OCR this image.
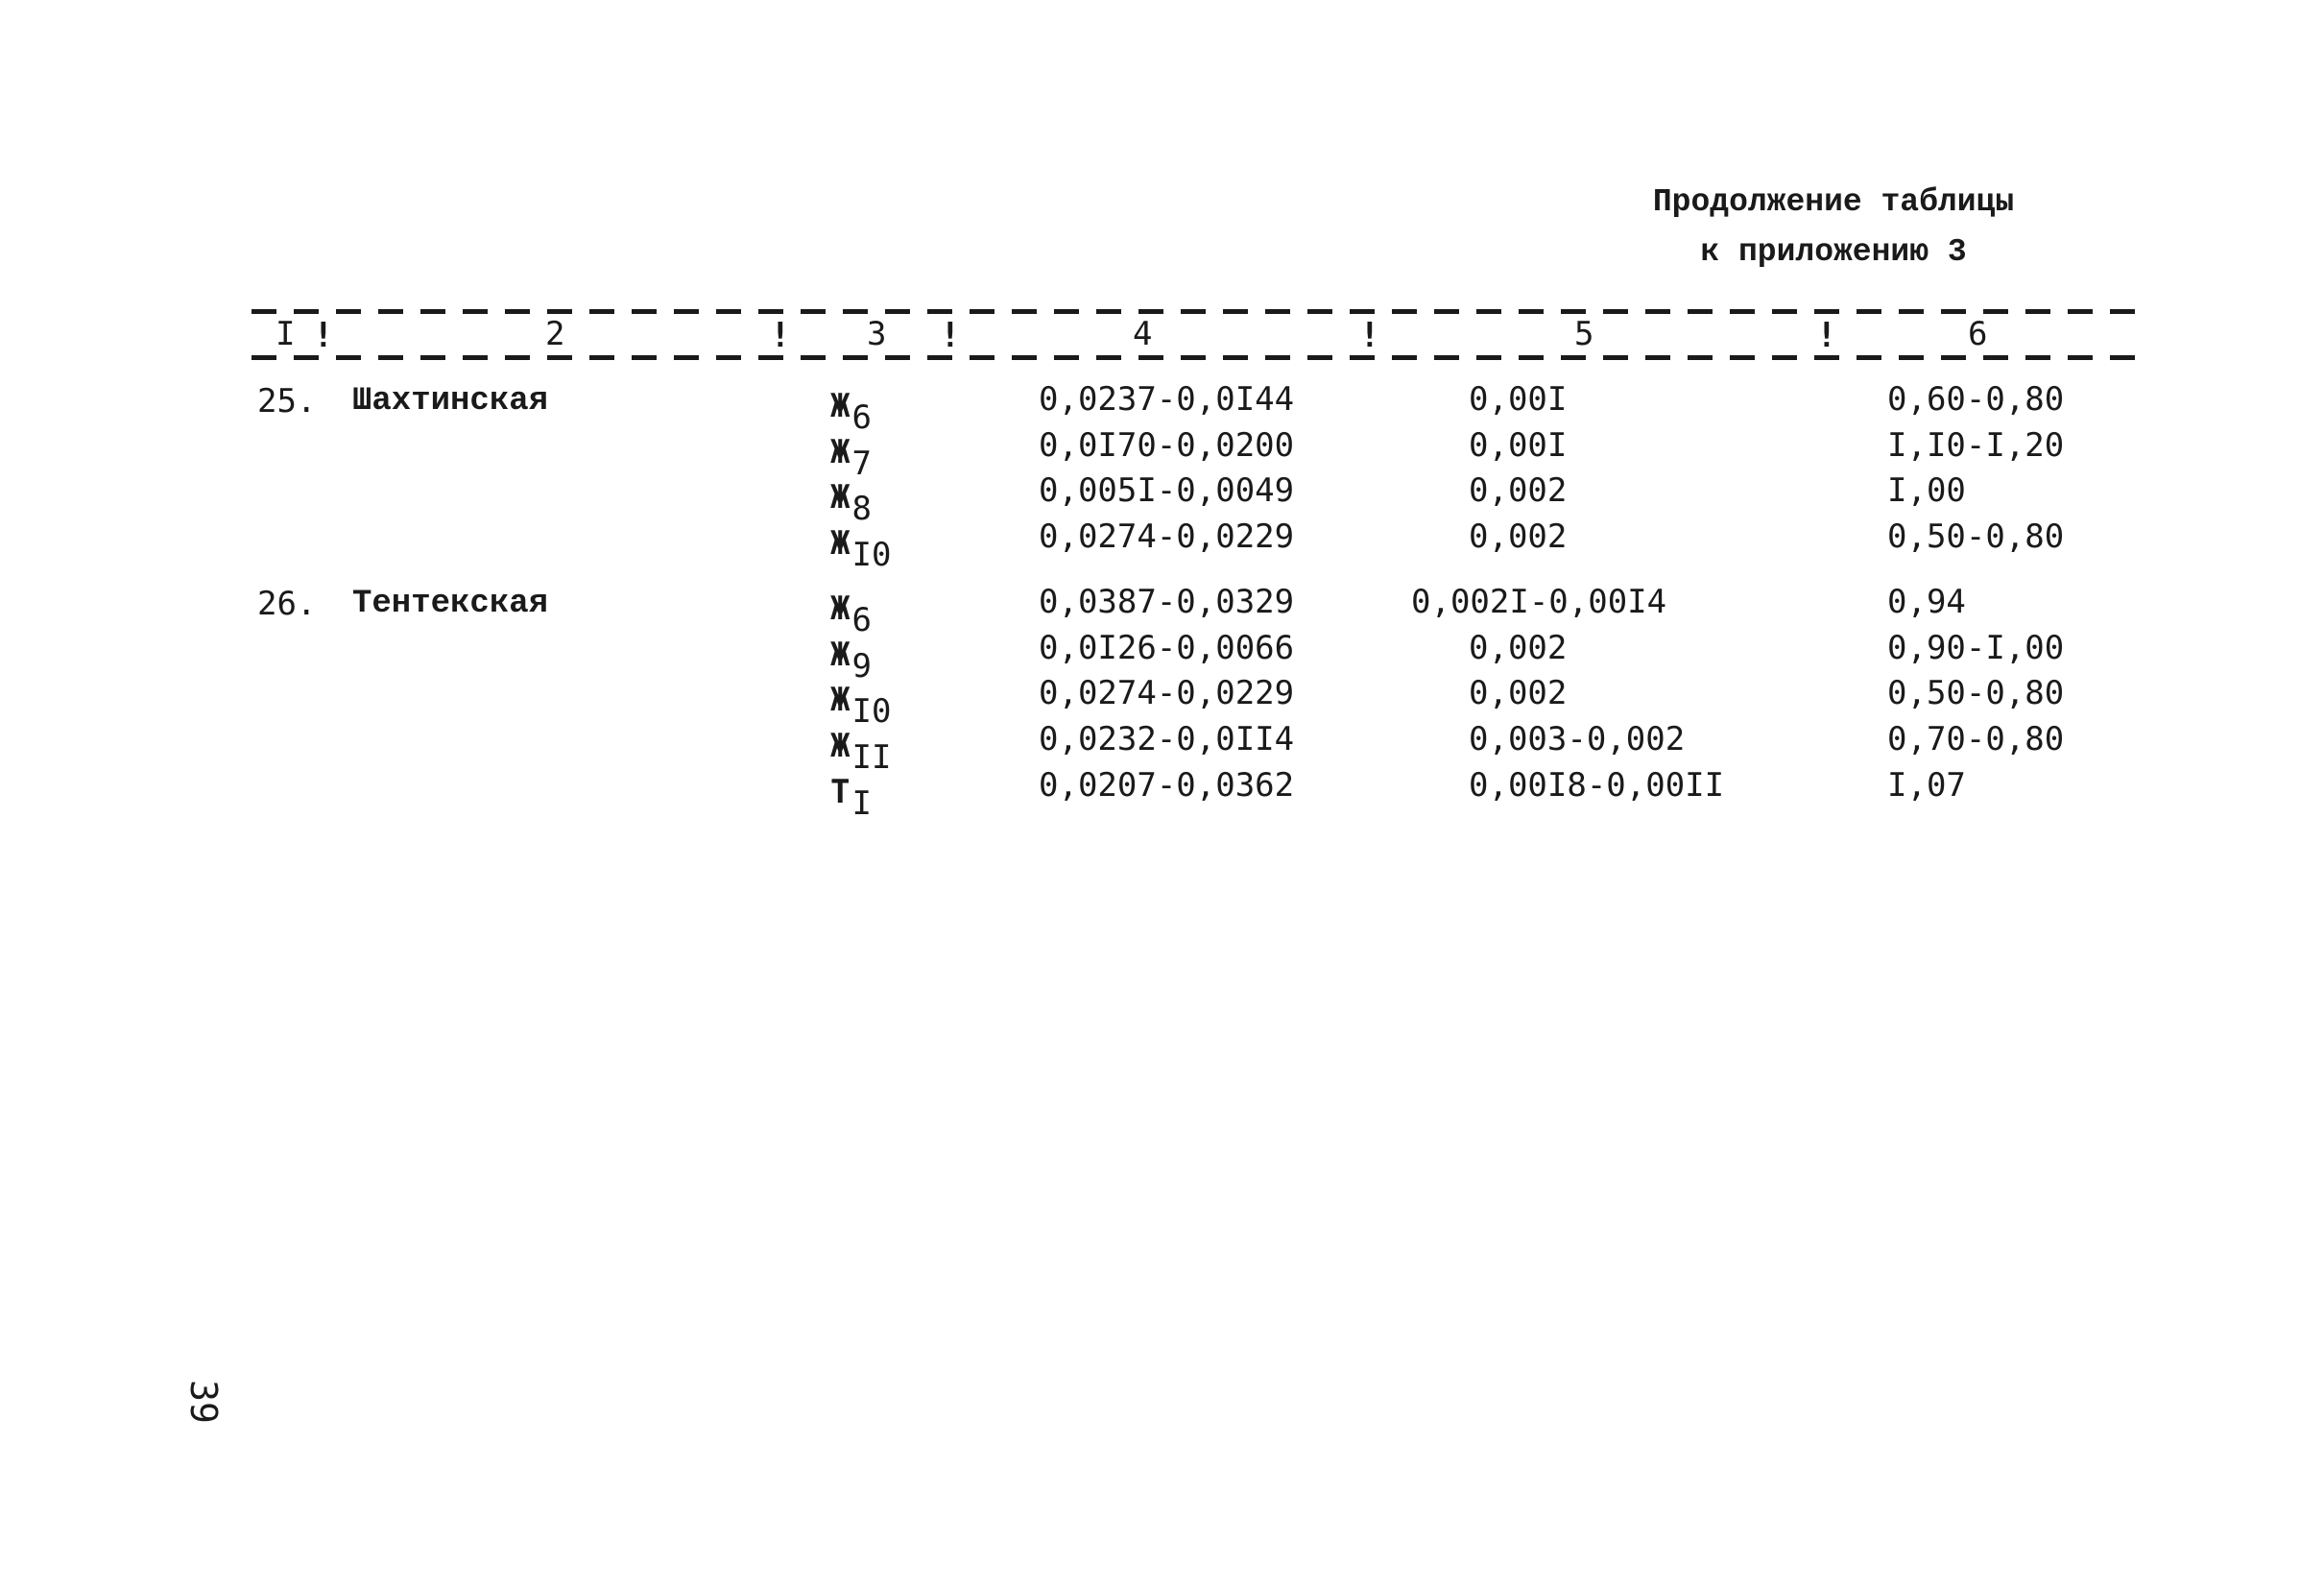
Продолжение таблицы
к приложению 3
I !	2	! 3 !	4	!	5	!	6
25. Шахтинская	$Ж_6$	0,0237-0,0I44	0,00I	0,60-0,80
$Ж_7$	0,0I70-0,0200	0,00I	I,I0-I,20
$Ж_8$	0,005I-0,0049	0,002	I,00
$Ж_{I0}$	0,0274-0,0229	0,002	0,50-0,80
26. Тентекская	$Ж_6$	0,0387-0,0329	0,002I-0,00I4	0,94
$Ж_9$	0,0I26-0,0066	0,002	0,90-I,00
$Ж_{I0}$	0,0274-0,0229	0,002	0,50-0,80
$Ж_{II}$	0,0232-0,0II4	0,003-0,002	0,70-0,80
$Т_I$	0,0207-0,0362	0,00I8-0,00II	I,07
39
